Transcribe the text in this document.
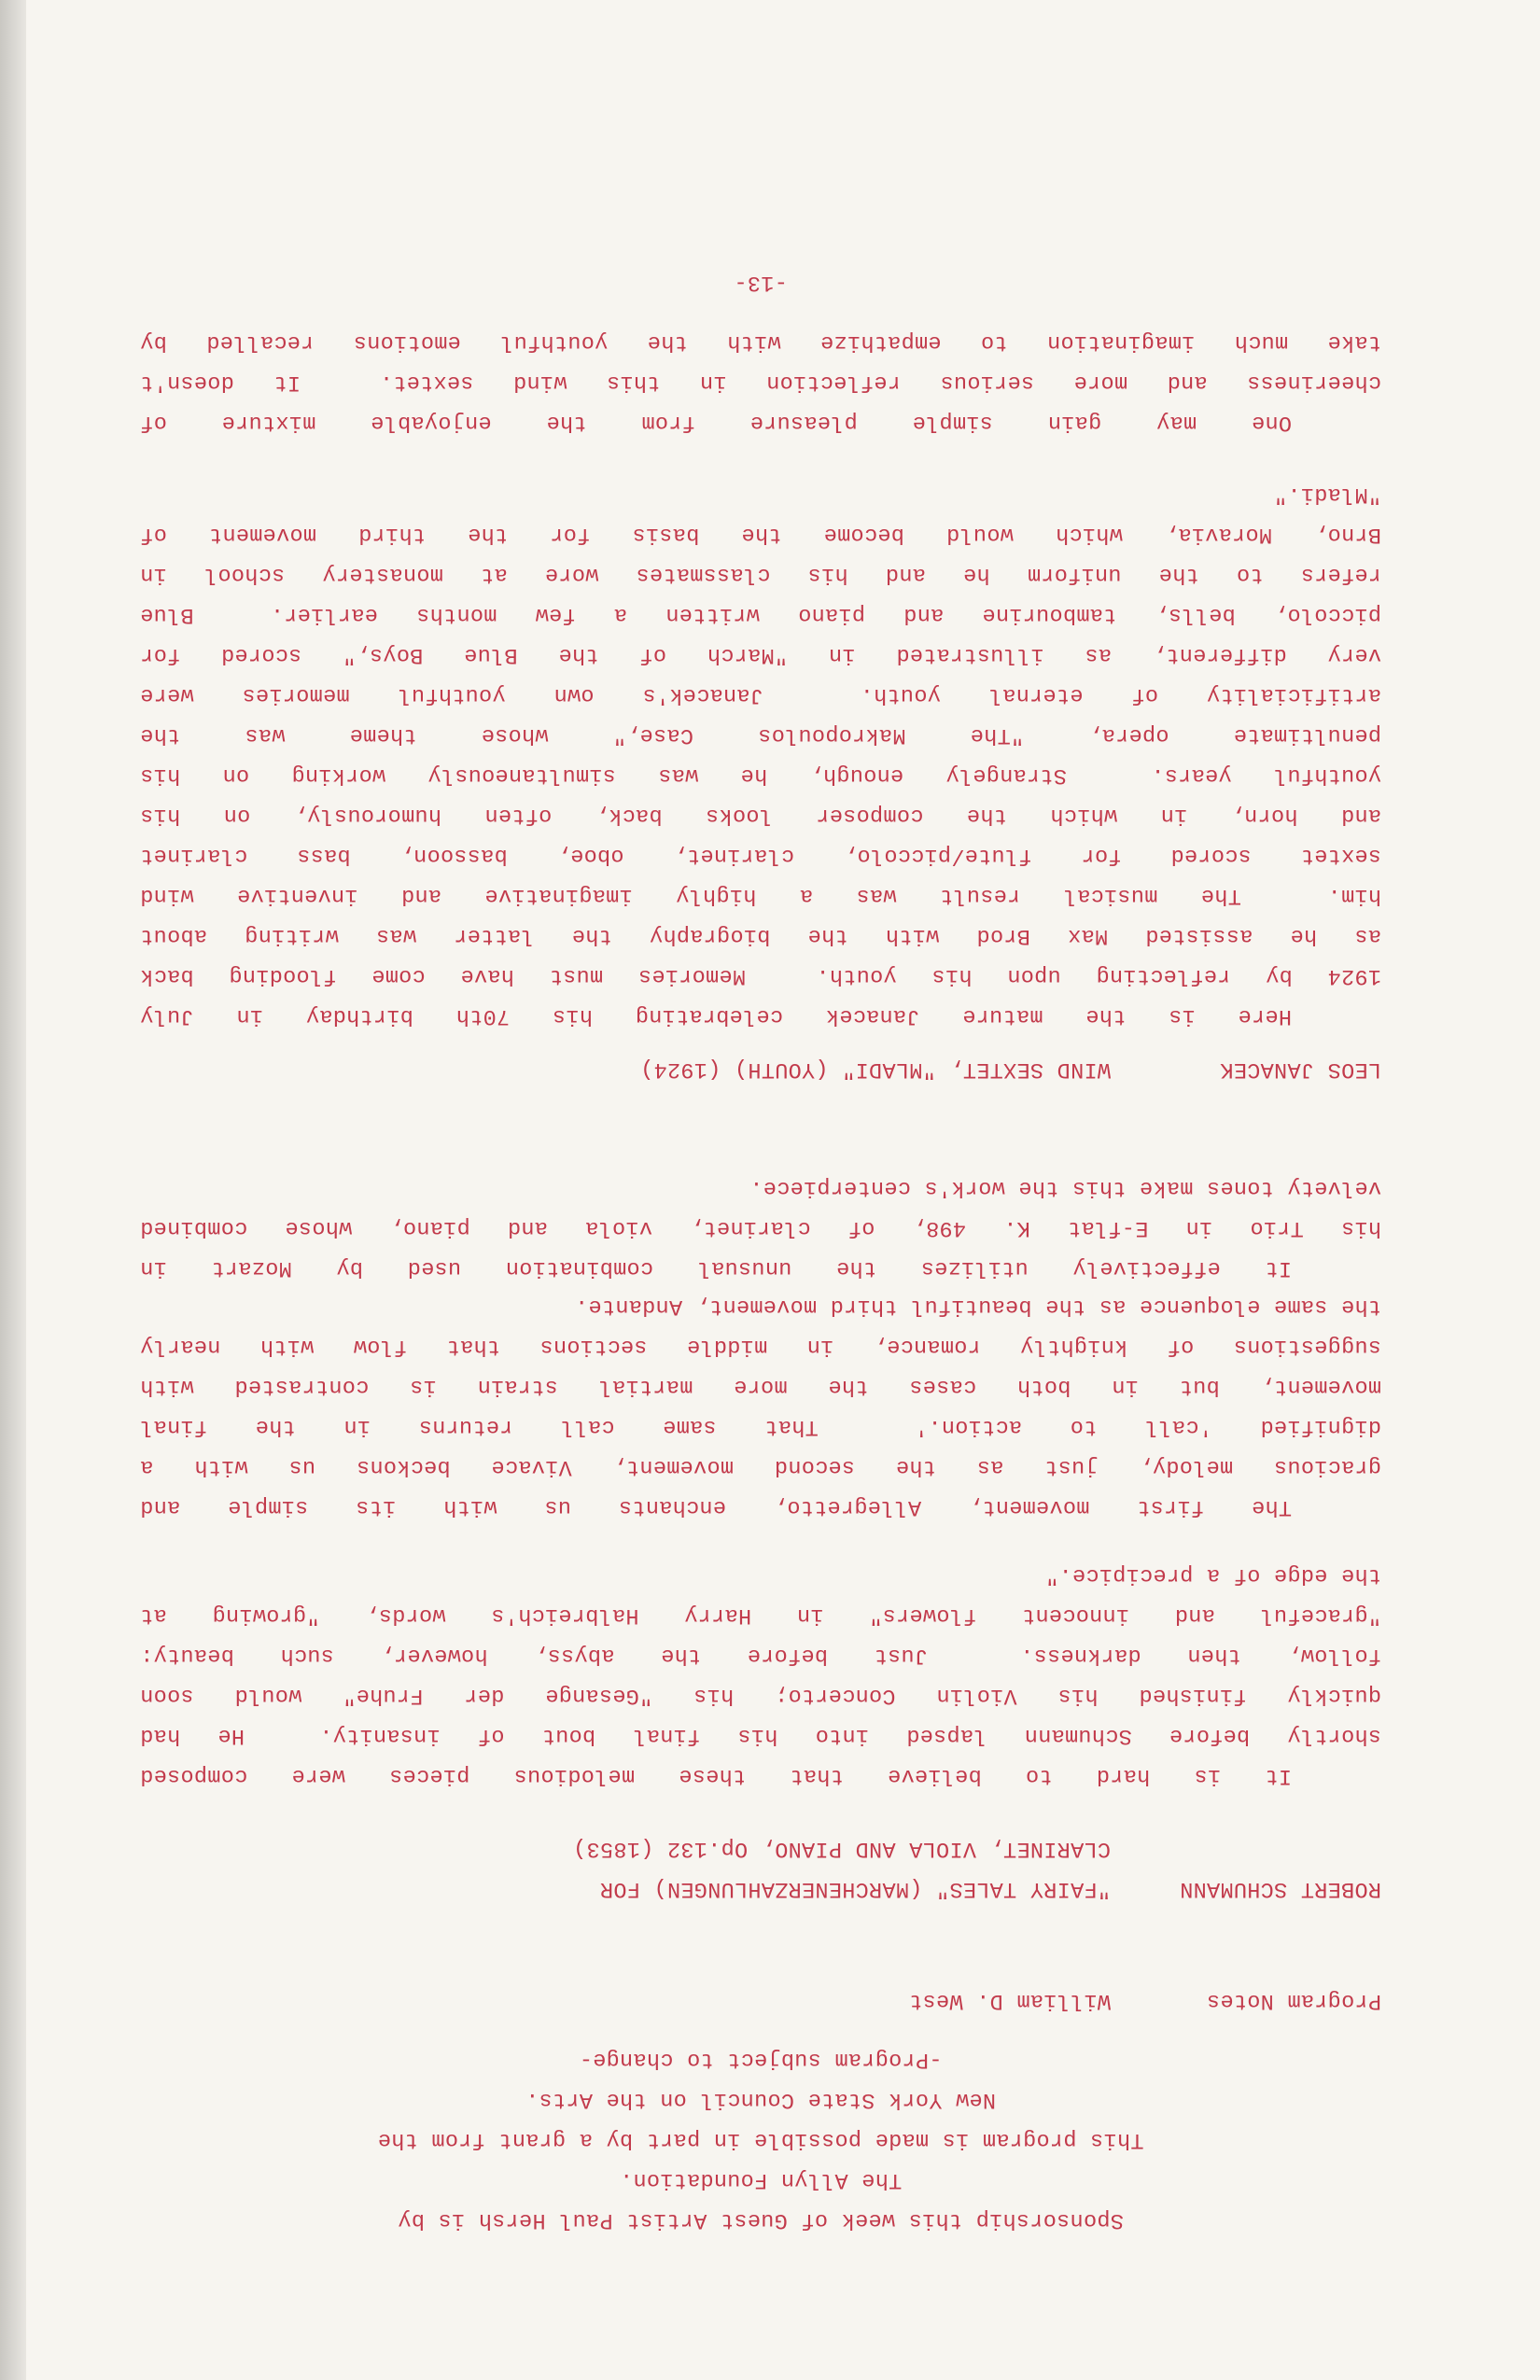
Sponsorship this week of Guest Artist Paul Hersh is by
The Allyn Foundation.
This program is made possible in part by a grant from the
New York State Council on the Arts.
-Program subject to change-
Program Notes
William D. West
ROBERT SCHUMANN
"FAIRY TALES" (MARCHENERZAHLUNGEN) FOR
CLARINET, VIOLA AND PIANO, Op.132 (1853)
It is hard to believe that these melodious pieces were composed
shortly before Schumann lapsed into his final bout of insanity.  He had
quickly finished his Violin Concerto; his "Gesange der Fruhe" would soon
follow, then darkness.  Just before the abyss, however, such beauty:
"graceful and innocent flowers" in Harry Halbreich's words, "growing at
the edge of a precipice."
The first movement, Allegretto, enchants us with its simple and
gracious melody, just as the second movement, Vivace beckons us with a
dignified 'call to action.'  That same call returns in the final
movement, but in both cases the more martial strain is contrasted with
suggestions of knightly romance, in middle sections that flow with nearly
the same eloquence as the beautiful third movement, Andante.
It effectively utilizes the unusual combination used by Mozart in
his Trio in E-flat K. 498, of clarinet, viola and piano, whose combined
velvety tones make this the work's centerpiece.
LEOS JANACEK
WIND SEXTET, "MLADI" (YOUTH) (1924)
Here is the mature Janacek celebrating his 70th birthday in July
1924 by reflecting upon his youth.  Memories must have come flooding back
as he assisted Max Brod with the biography the latter was writing about
him.  The musical result was a highly imaginative and inventive wind
sextet scored for flute/piccolo, clarinet, oboe, bassoon, bass clarinet
and horn, in which the composer looks back, often humorously, on his
youthful years.  Strangely enough, he was simultaneously working on his
penultimate opera, "The Makropoulos Case," whose theme was the
artificiality of eternal youth.  Janacek's own youthful memories were
very different, as illustrated in "March of the Blue Boys," scored for
piccolo, bells, tambourine and piano written a few months earlier.  Blue
refers to the uniform he and his classmates wore at monastery school in
Brno, Moravia, which would become the basis for the third movement of
"Mladi."
One may gain simple pleasure from the enjoyable mixture of
cheeriness and more serious reflection in this wind sextet.  It doesn't
take much imagination to empathize with the youthful emotions recalled by
-13-
